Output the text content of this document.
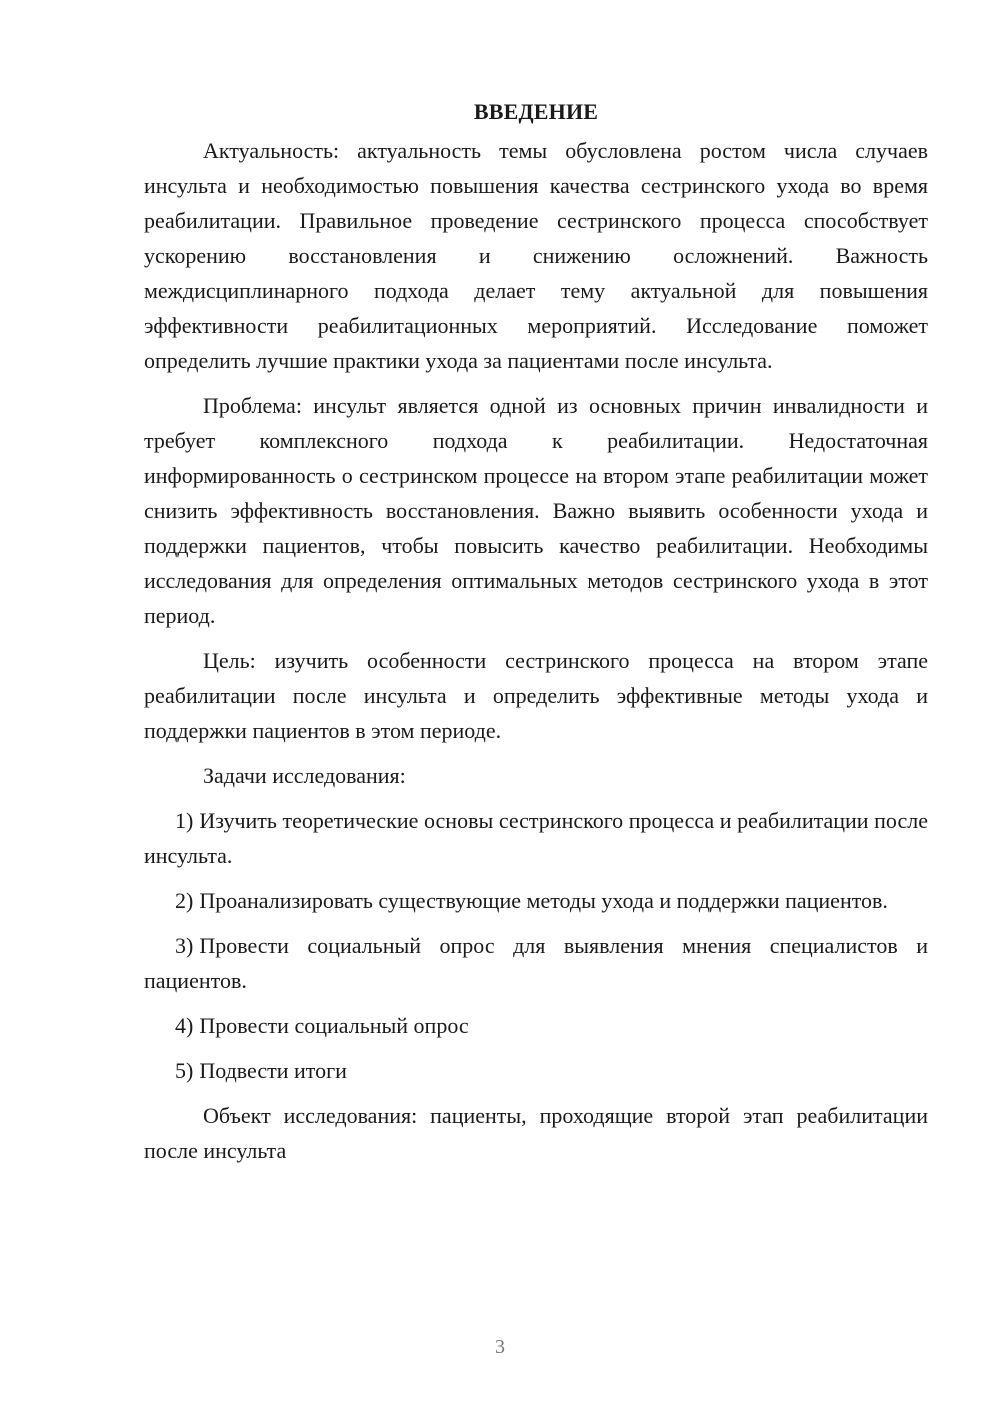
ВВЕДЕНИЕ

Актуальность: актуальность темы обусловлена ростом числа случаев инсульта и необходимостью повышения качества сестринского ухода во время реабилитации. Правильное проведение сестринского процесса способствует ускорению восстановления и снижению осложнений. Важность междисциплинарного подхода делает тему актуальной для повышения эффективности реабилитационных мероприятий. Исследование поможет определить лучшие практики ухода за пациентами после инсульта.

Проблема: инсульт является одной из основных причин инвалидности и требует комплексного подхода к реабилитации. Недостаточная информированность о сестринском процессе на втором этапе реабилитации может снизить эффективность восстановления. Важно выявить особенности ухода и поддержки пациентов, чтобы повысить качество реабилитации. Необходимы исследования для определения оптимальных методов сестринского ухода в этот период.

Цель: изучить особенности сестринского процесса на втором этапе реабилитации после инсульта и определить эффективные методы ухода и поддержки пациентов в этом периоде.

Задачи исследования:

1) Изучить теоретические основы сестринского процесса и реабилитации после инсульта.

2) Проанализировать существующие методы ухода и поддержки пациентов.

3) Провести социальный опрос для выявления мнения специалистов и пациентов.

4) Провести социальный опрос

5) Подвести итоги

Объект исследования: пациенты, проходящие второй этап реабилитации после инсульта

3
